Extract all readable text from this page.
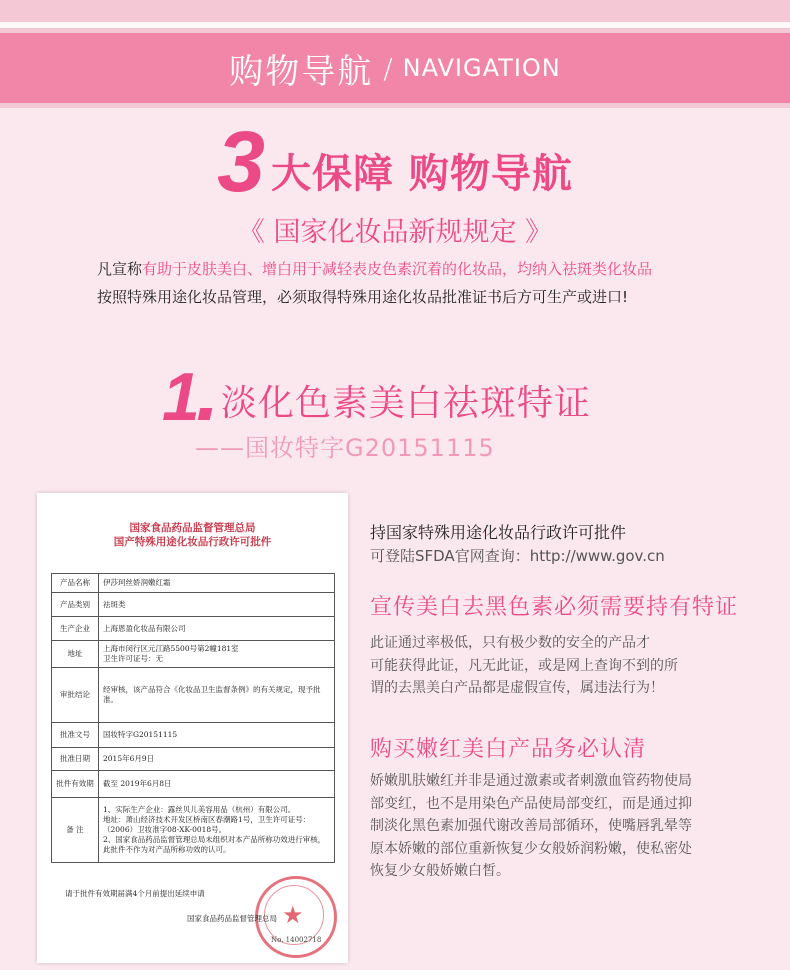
购物导航 / NAVIGATION
3 大保障 购物导航
《 国家化妆品新规规定 》
凡宣称有助于皮肤美白、增白用于减轻表皮色素沉着的化妆品，均纳入祛斑类化妆品
按照特殊用途化妆品管理，必须取得特殊用途化妆品批准证书后方可生产或进口!
1 淡化色素美白祛斑特证
——国妆特字G20151115
国家食品药品监督管理总局
国产特殊用途化妆品行政许可批件
产品名称	伊莎珂丝娇润嫩红霜
产品类别	祛斑类
生产企业	上海恩盈化妆品有限公司
地址	上海市闵行区元江路5500号第2幢181室
卫生许可证号：无

审批结论	经审核，该产品符合《化妆品卫生监督条例》的有关规定，现予批准。
批准文号	国妆特字G20151115
批准日期	2015年6月9日
批件有效期	截至 2019年6月8日
备 注	1、实际生产企业：露丝贝儿美容用品（杭州）有限公司。
地址：萧山经济技术开发区桥南区春潮路1号，卫生许可证号：（2006）卫妆准字08-XK-0018号。
2、国家食品药品监督管理总局未组织对本产品所称功效进行审核，此批件不作为对产品所称功效的认可。
请于批件有效期届满4个月前提出延续申请
★
国家食品药品监督管理总局
No. 14002718
持国家特殊用途化妆品行政许可批件
可登陆SFDA官网查询：http://www.gov.cn
宣传美白去黑色素必须需要持有特证
此证通过率极低，只有极少数的安全的产品才
可能获得此证，凡无此证，或是网上查询不到的所
谓的去黑美白产品都是虚假宣传，属违法行为！
购买嫩红美白产品务必认清
娇嫩肌肤嫩红并非是通过激素或者刺激血管药物使局
部变红，也不是用染色产品使局部变红，而是通过抑
制淡化黑色素加强代谢改善局部循环，使嘴唇乳晕等
原本娇嫩的部位重新恢复少女般娇润粉嫩，使私密处
恢复少女般娇嫩白皙。
